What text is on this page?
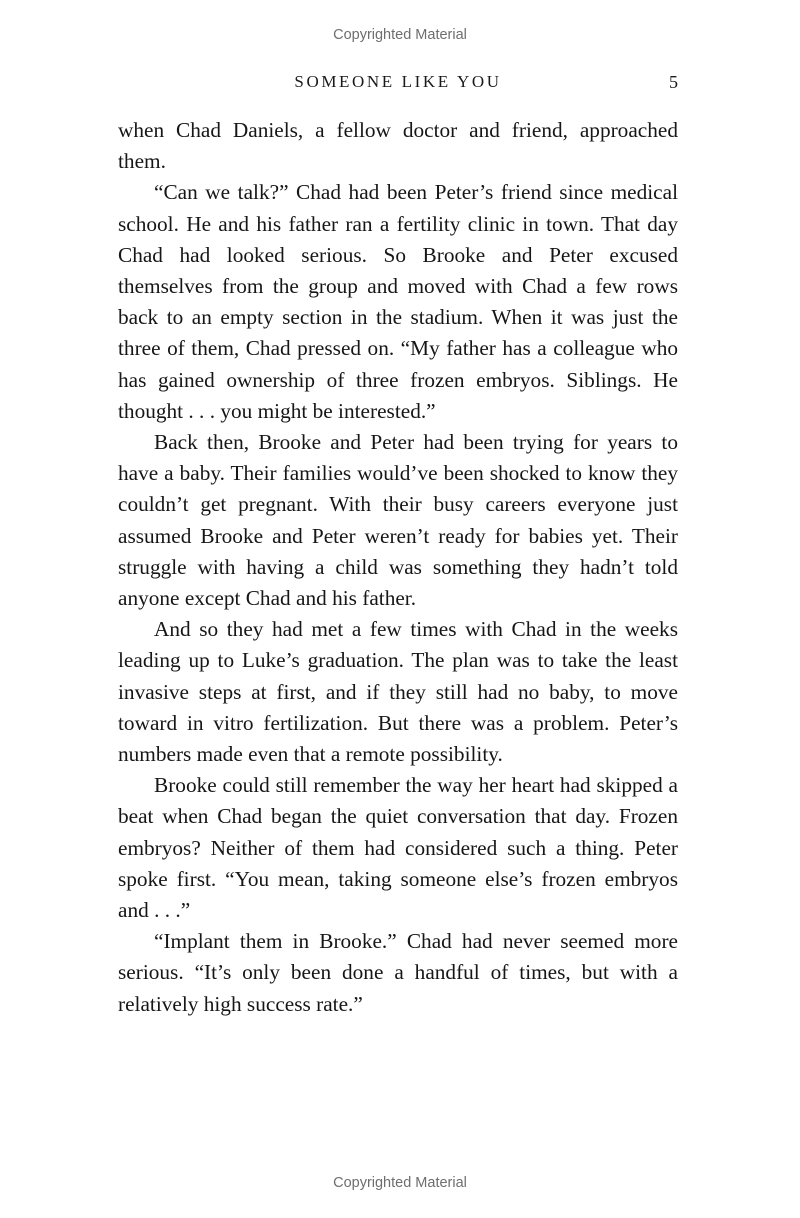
Copyrighted Material
SOMEONE LIKE YOU	5

when Chad Daniels, a fellow doctor and friend, approached them.

“Can we talk?” Chad had been Peter’s friend since medical school. He and his father ran a fertility clinic in town. That day Chad had looked serious. So Brooke and Peter excused themselves from the group and moved with Chad a few rows back to an empty section in the stadium. When it was just the three of them, Chad pressed on. “My father has a colleague who has gained ownership of three frozen embryos. Siblings. He thought . . . you might be interested.”

Back then, Brooke and Peter had been trying for years to have a baby. Their families would’ve been shocked to know they couldn’t get pregnant. With their busy careers everyone just assumed Brooke and Peter weren’t ready for babies yet. Their struggle with having a child was something they hadn’t told anyone except Chad and his father.

And so they had met a few times with Chad in the weeks leading up to Luke’s graduation. The plan was to take the least invasive steps at first, and if they still had no baby, to move toward in vitro fertilization. But there was a problem. Peter’s numbers made even that a remote possibility.

Brooke could still remember the way her heart had skipped a beat when Chad began the quiet conversation that day. Frozen embryos? Neither of them had considered such a thing. Peter spoke first. “You mean, taking someone else’s frozen embryos and . . .”

“Implant them in Brooke.” Chad had never seemed more serious. “It’s only been done a handful of times, but with a relatively high success rate.”

Copyrighted Material
